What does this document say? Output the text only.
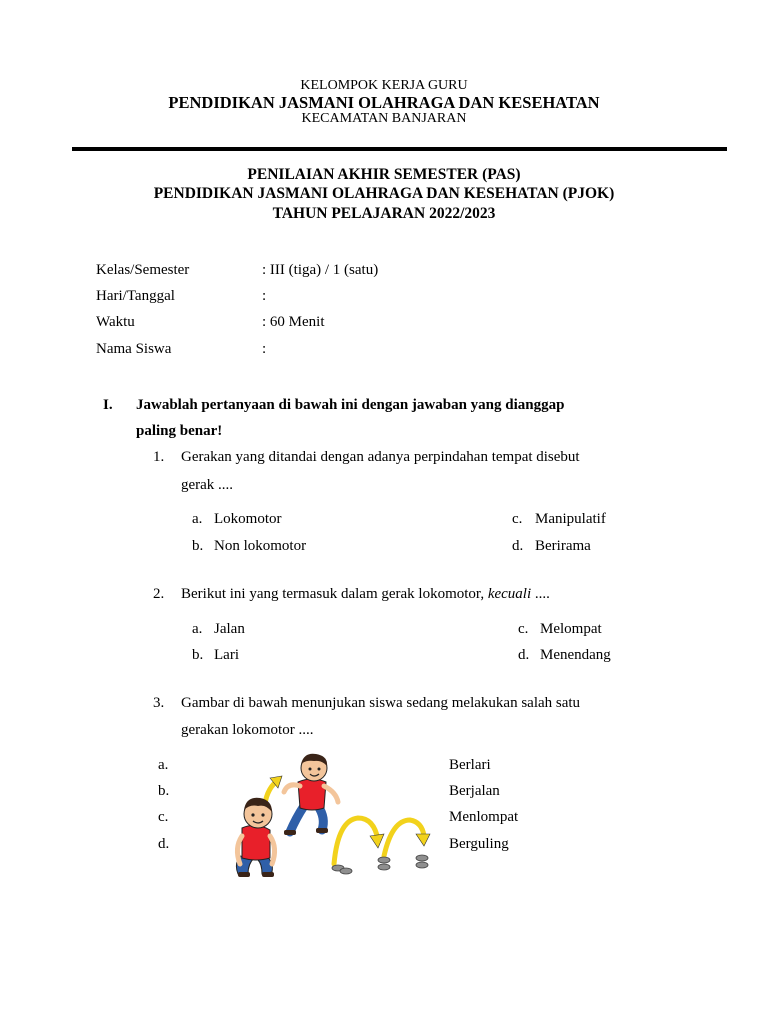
KELOMPOK KERJA GURU
PENDIDIKAN JASMANI OLAHRAGA DAN KESEHATAN
KECAMATAN BANJARAN
PENILAIAN AKHIR SEMESTER (PAS)
PENDIDIKAN JASMANI OLAHRAGA DAN KESEHATAN (PJOK)
TAHUN PELAJARAN 2022/2023
Kelas/Semester	: III (tiga) / 1 (satu)
Hari/Tanggal	:
Waktu	: 60 Menit
Nama Siswa	:
I. Jawablah pertanyaan di bawah ini dengan jawaban yang dianggap
paling benar!
1. Gerakan yang ditandai dengan adanya perpindahan tempat disebut
gerak ....
a. Lokomotor
b. Non lokomotor
c. Manipulatif
d. Berirama
2. Berikut ini yang termasuk dalam gerak lokomotor, kecuali ....
a. Jalan
b. Lari
c. Melompat
d. Menendang
3. Gambar di bawah menunjukan siswa sedang melakukan salah satu
gerakan lokomotor ....
a.	Berlari
b.	Berjalan
c.	Menlompat
d.	Berguling
